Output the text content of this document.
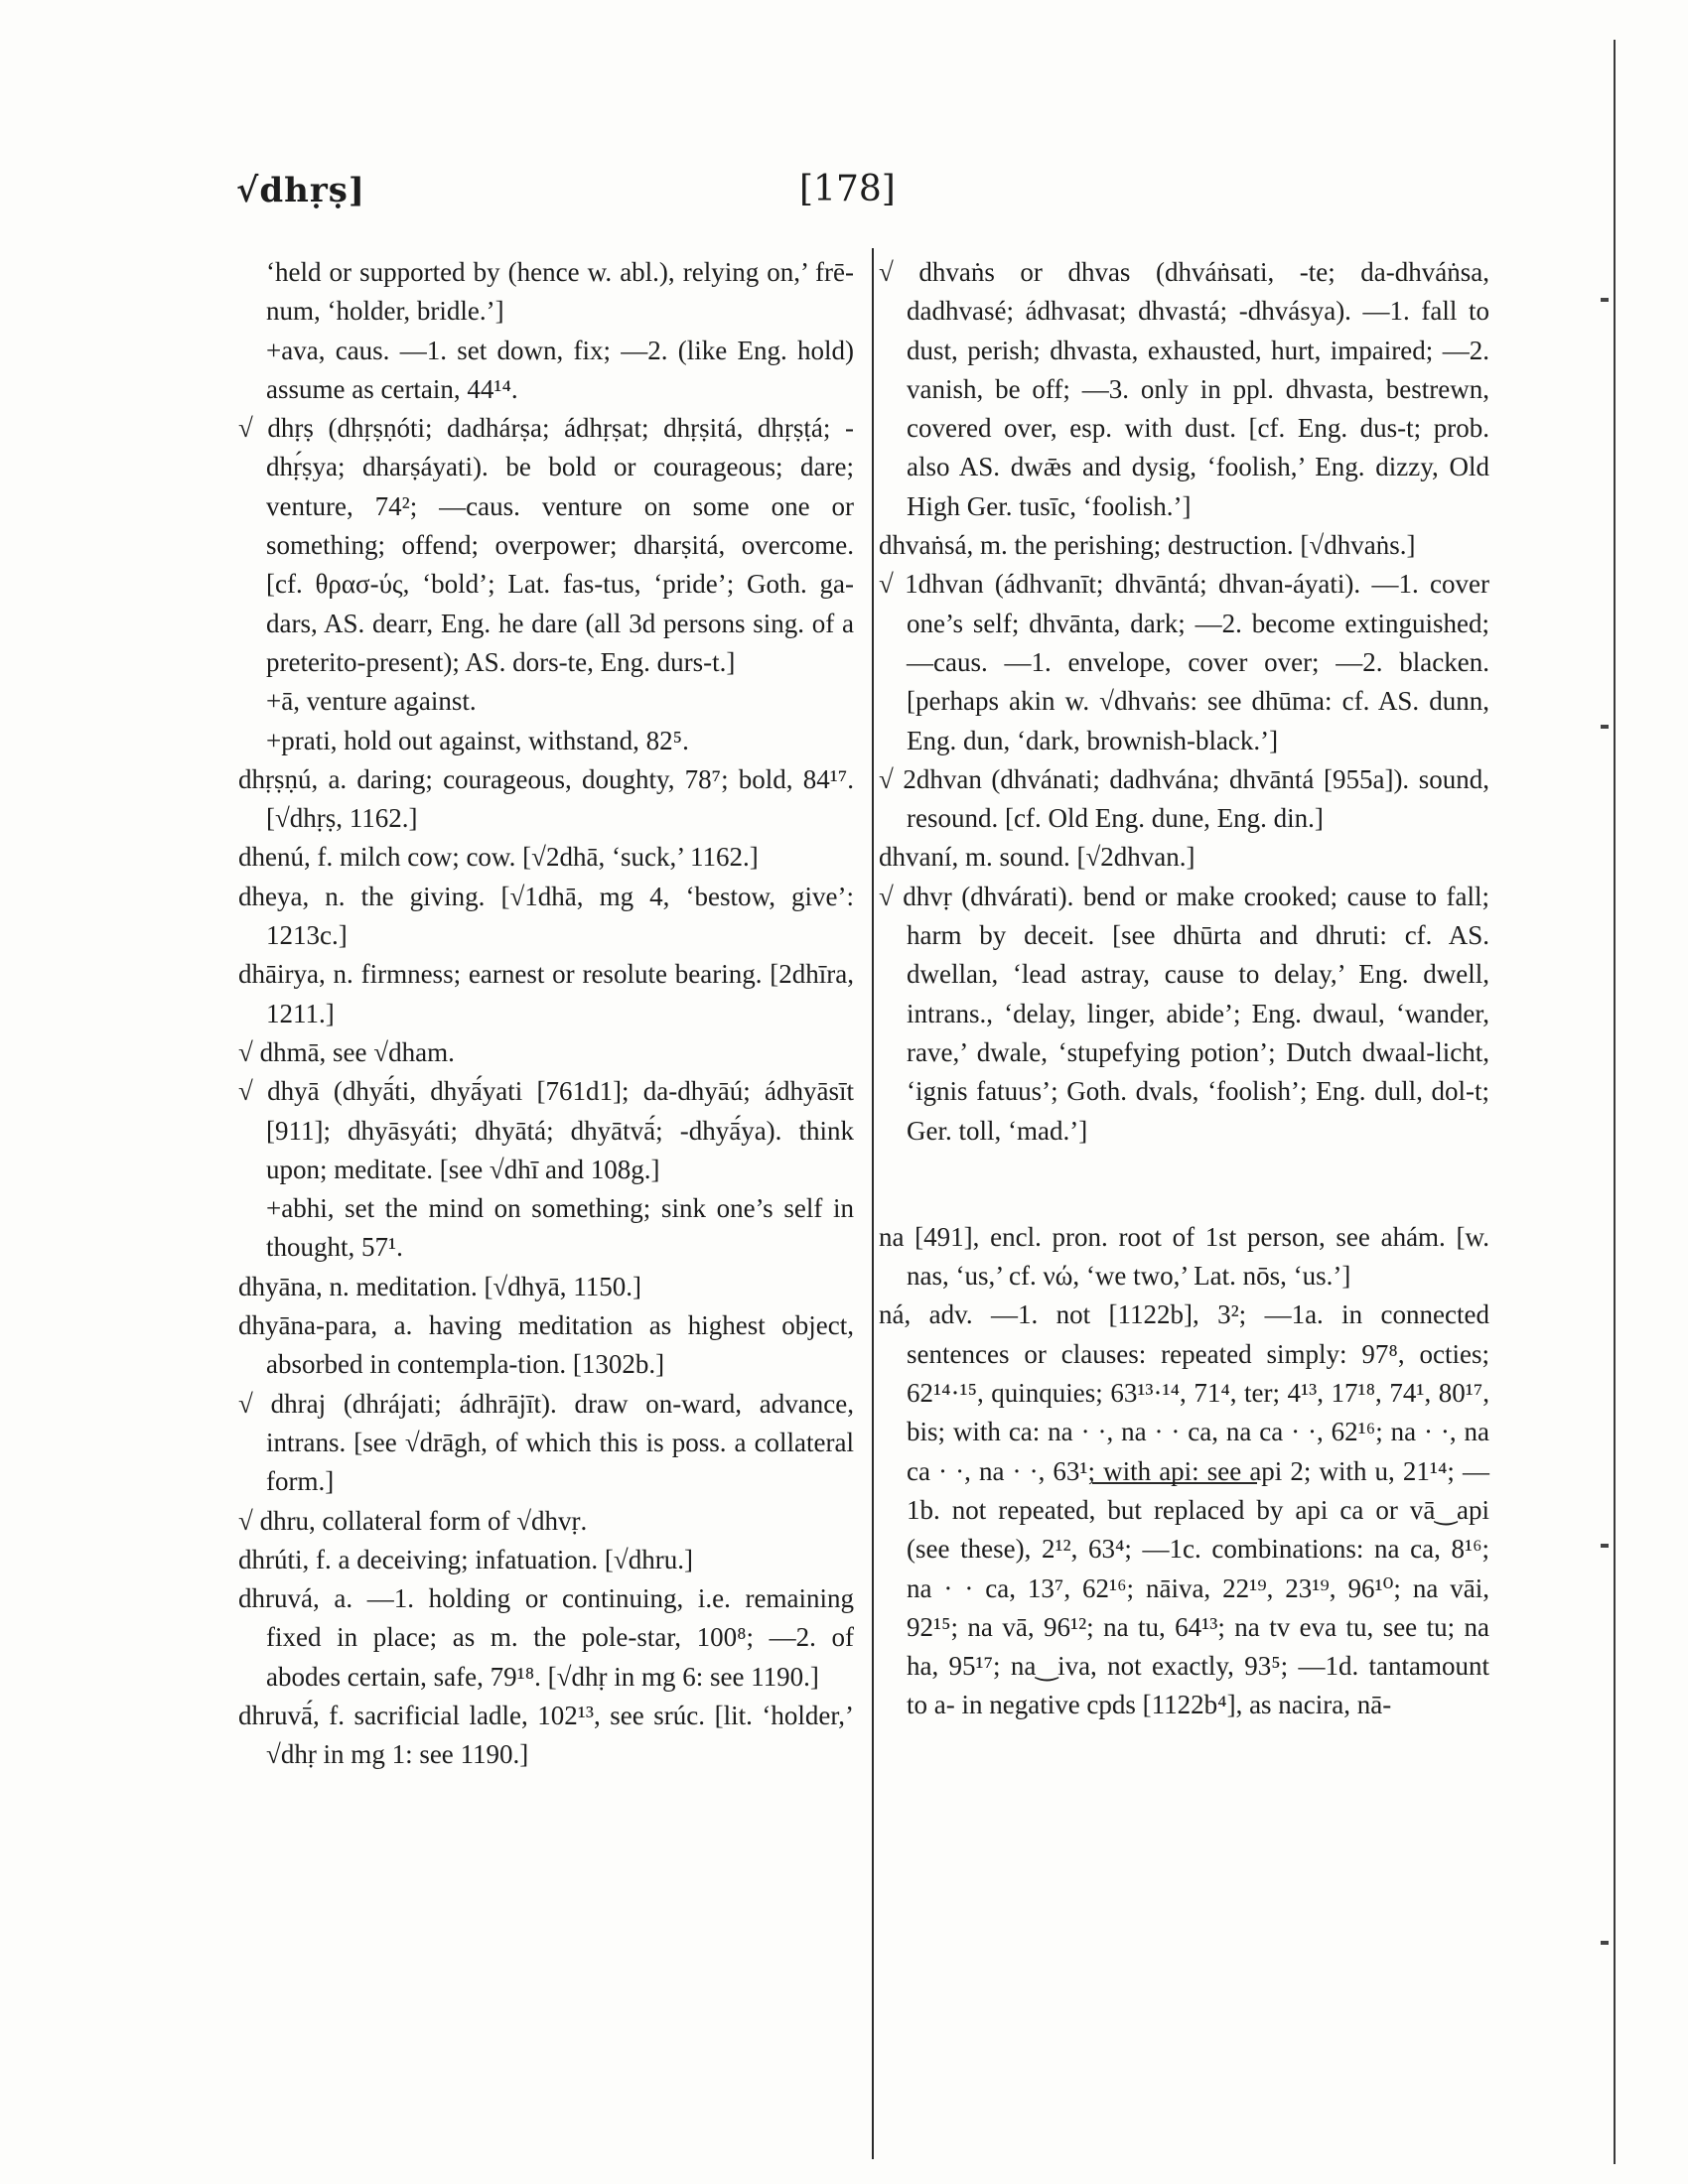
√dhṛṣ]	[178]

‘held or supported by (hence w. abl.), relying on,’ frē-num, ‘holder, bridle.’]

+ava, caus. —1. set down, fix; —2. (like Eng. hold) assume as certain, 44¹⁴.

√ dhṛṣ (dhṛṣṇóti; dadhárṣa; ádhṛṣat; dhṛṣitá, dhṛṣṭá; -dhṛ́ṣya; dharṣáyati). be bold or courageous; dare; venture, 74²; —caus. venture on some one or something; offend; overpower; dharṣitá, overcome. [cf. θρασ-ύς, ‘bold’; Lat. fas-tus, ‘pride’; Goth. ga-dars, AS. dearr, Eng. he dare (all 3d persons sing. of a preterito-present); AS. dors-te, Eng. durs-t.]

+ā, venture against.

+prati, hold out against, withstand, 82⁵.

dhṛṣṇú, a. daring; courageous, doughty, 78⁷; bold, 84¹⁷. [√dhṛṣ, 1162.]

dhenú, f. milch cow; cow. [√2dhā, ‘suck,’ 1162.]

dheya, n. the giving. [√1dhā, mg 4, ‘bestow, give’: 1213c.]

dhāirya, n. firmness; earnest or resolute bearing. [2dhīra, 1211.]

√ dhmā, see √dham.

√ dhyā (dhyā́ti, dhyā́yati [761d1]; da-dhyāú; ádhyāsīt [911]; dhyāsyáti; dhyātá; dhyātvā́; -dhyā́ya). think upon; meditate. [see √dhī and 108g.]

+abhi, set the mind on something; sink one’s self in thought, 57¹.

dhyāna, n. meditation. [√dhyā, 1150.]

dhyāna-para, a. having meditation as highest object, absorbed in contempla-tion. [1302b.]

√ dhraj (dhrájati; ádhrājīt). draw on-ward, advance, intrans. [see √drāgh, of which this is poss. a collateral form.]

√ dhru, collateral form of √dhvṛ.

dhrúti, f. a deceiving; infatuation. [√dhru.]

dhruvá, a. —1. holding or continuing, i.e. remaining fixed in place; as m. the pole-star, 100⁸; —2. of abodes certain, safe, 79¹⁸. [√dhṛ in mg 6: see 1190.]

dhruvā́, f. sacrificial ladle, 102¹³, see srúc. [lit. ‘holder,’ √dhṛ in mg 1: see 1190.]

√ dhvaṅs or dhvas (dhváṅsati, -te; da-dhváṅsa, dadhvasé; ádhvasat; dhvastá; -dhvásya). —1. fall to dust, perish; dhvasta, exhausted, hurt, impaired; —2. vanish, be off; —3. only in ppl. dhvasta, bestrewn, covered over, esp. with dust. [cf. Eng. dus-t; prob. also AS. dwǣs and dysig, ‘foolish,’ Eng. dizzy, Old High Ger. tusīc, ‘foolish.’]

dhvaṅsá, m. the perishing; destruction. [√dhvaṅs.]

√ 1dhvan (ádhvanīt; dhvāntá; dhvan-áyati). —1. cover one’s self; dhvānta, dark; —2. become extinguished; —caus. —1. envelope, cover over; —2. blacken. [perhaps akin w. √dhvaṅs: see dhūma: cf. AS. dunn, Eng. dun, ‘dark, brownish-black.’]

√ 2dhvan (dhvánati; dadhvána; dhvāntá [955a]). sound, resound. [cf. Old Eng. dune, Eng. din.]

dhvaní, m. sound. [√2dhvan.]

√ dhvṛ (dhvárati). bend or make crooked; cause to fall; harm by deceit. [see dhūrta and dhruti: cf. AS. dwellan, ‘lead astray, cause to delay,’ Eng. dwell, intrans., ‘delay, linger, abide’; Eng. dwaul, ‘wander, rave,’ dwale, ‘stupefying potion’; Dutch dwaal-licht, ‘ignis fatuus’; Goth. dvals, ‘foolish’; Eng. dull, dol-t; Ger. toll, ‘mad.’]

na [491], encl. pron. root of 1st person, see ahám. [w. nas, ‘us,’ cf. νώ, ‘we two,’ Lat. nōs, ‘us.’]

ná, adv. —1. not [1122b], 3²; —1a. in connected sentences or clauses: repeated simply: 97⁸, octies; 62¹⁴·¹⁵, quinquies; 63¹³·¹⁴, 71⁴, ter; 4¹³, 17¹⁸, 74¹, 80¹⁷, bis; with ca: na · ·, na · · ca, na ca · ·, 62¹⁶; na · ·, na ca · ·, na · ·, 63¹; with api: see api 2; with u, 21¹⁴; —1b. not repeated, but replaced by api ca or vā‿api (see these), 2¹², 63⁴; —1c. combinations: na ca, 8¹⁶; na · · ca, 13⁷, 62¹⁶; nāiva, 22¹⁹, 23¹⁹, 96¹⁰; na vāi, 92¹⁵; na vā, 96¹²; na tu, 64¹³; na tv eva tu, see tu; na ha, 95¹⁷; na‿iva, not exactly, 93⁵; —1d. tantamount to a- in negative cpds [1122b⁴], as nacira, nā-
